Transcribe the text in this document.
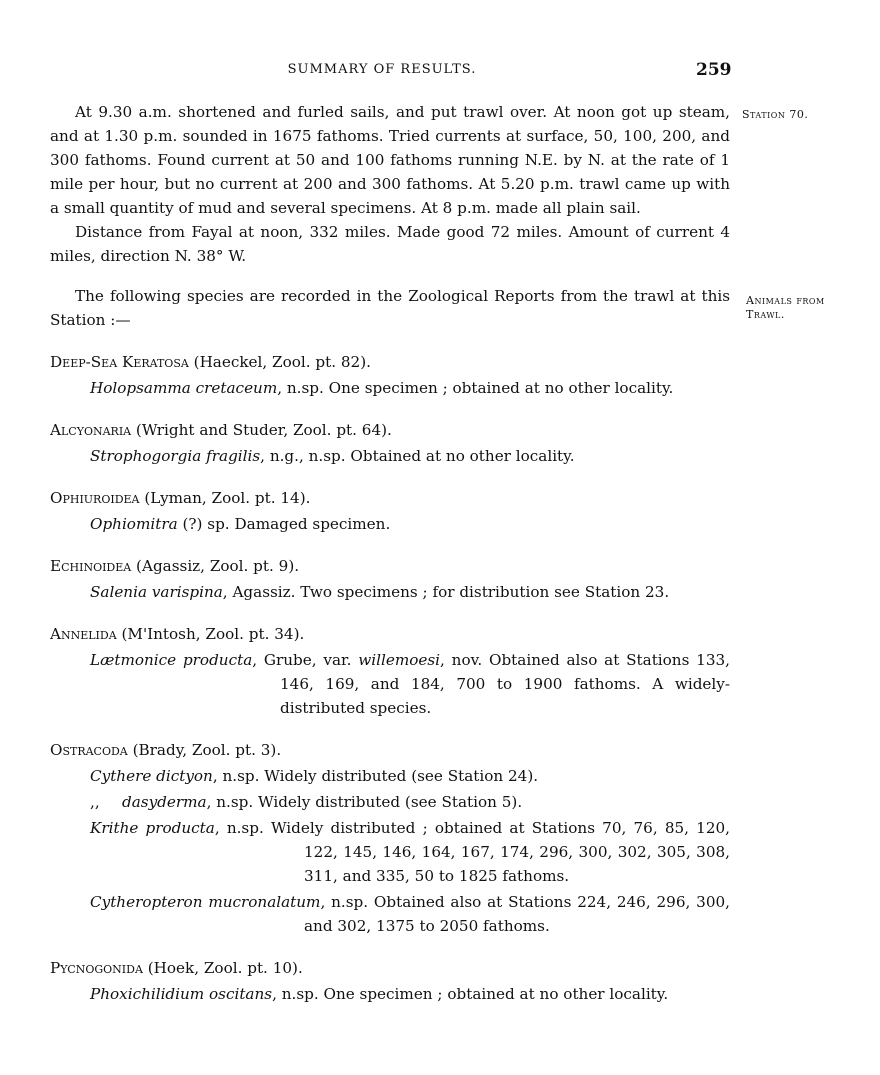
SUMMARY OF RESULTS.	259
Station 70.
Animals from
Trawl.

At 9.30 a.m. shortened and furled sails, and put trawl over. At noon got up steam, and at 1.30 p.m. sounded in 1675 fathoms. Tried currents at surface, 50, 100, 200, and 300 fathoms. Found current at 50 and 100 fathoms running N.E. by N. at the rate of 1 mile per hour, but no current at 200 and 300 fathoms. At 5.20 p.m. trawl came up with a small quantity of mud and several specimens. At 8 p.m. made all plain sail.

Distance from Fayal at noon, 332 miles. Made good 72 miles. Amount of current 4 miles, direction N. 38° W.

The following species are recorded in the Zoological Reports from the trawl at this Station :—

Deep-Sea Keratosa (Haeckel, Zool. pt. 82).

Holopsamma cretaceum, n.sp. One specimen ; obtained at no other locality.

Alcyonaria (Wright and Studer, Zool. pt. 64).

Strophogorgia fragilis, n.g., n.sp. Obtained at no other locality.

Ophiuroidea (Lyman, Zool. pt. 14).

Ophiomitra (?) sp. Damaged specimen.

Echinoidea (Agassiz, Zool. pt. 9).

Salenia varispina, Agassiz. Two specimens ; for distribution see Station 23.

Annelida (M'Intosh, Zool. pt. 34).

Lætmonice producta, Grube, var. willemoesi, nov. Obtained also at Stations 133, 146, 169, and 184, 700 to 1900 fathoms. A widely-distributed species.

Ostracoda (Brady, Zool. pt. 3).

Cythere dictyon, n.sp. Widely distributed (see Station 24).

,, dasyderma, n.sp. Widely distributed (see Station 5).

Krithe producta, n.sp. Widely distributed ; obtained at Stations 70, 76, 85, 120, 122, 145, 146, 164, 167, 174, 296, 300, 302, 305, 308, 311, and 335, 50 to 1825 fathoms.

Cytheropteron mucronalatum, n.sp. Obtained also at Stations 224, 246, 296, 300, and 302, 1375 to 2050 fathoms.

Pycnogonida (Hoek, Zool. pt. 10).

Phoxichilidium oscitans, n.sp. One specimen ; obtained at no other locality.
